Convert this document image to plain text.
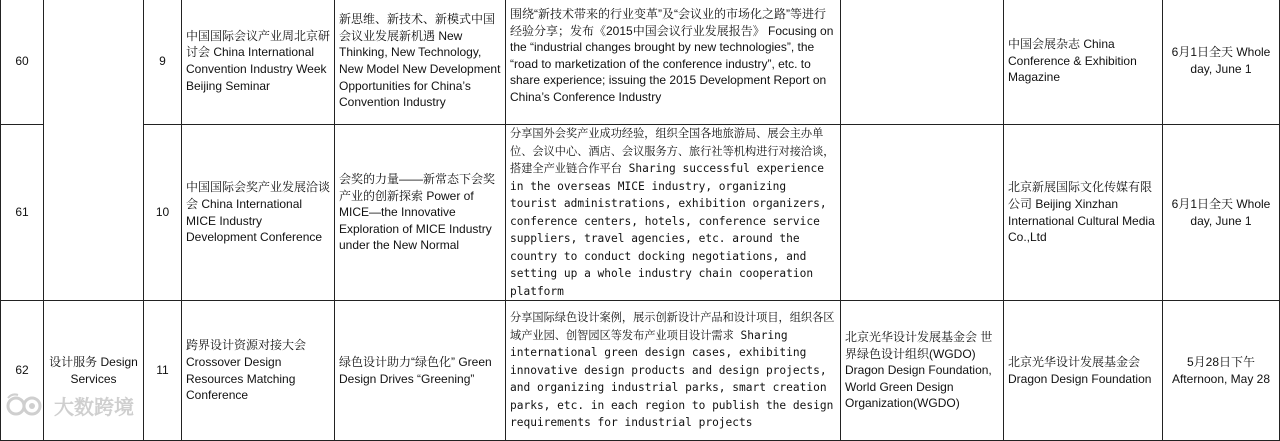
60		9	中国国际会议产业周北京研讨会 China International Convention Industry Week Beijing Seminar	新思维、新技术、新模式中国会议业发展新机遇 New Thinking, New Technology, New Model New Development Opportunities for China’s Convention Industry	围绕“新技术带来的行业变革”及“会议业的市场化之路”等进行经验分享；发布《2015中国会议行业发展报告》 Focusing on the “industrial changes brought by new technologies”, the “road to marketization of the conference industry”, etc. to share experience; issuing the 2015 Development Report on China’s Conference Industry		中国会展杂志 China Conference & Exhibition Magazine	6月1日全天 Whole day, June 1
61		10	中国国际会奖产业发展洽谈会 China International MICE Industry Development Conference	会奖的力量——新常态下会奖产业的创新探索 Power of MICE—the Innovative Exploration of MICE Industry under the New Normal	分享国外会奖产业成功经验，组织全国各地旅游局、展会主办单位、会议中心、酒店、会议服务方、旅行社等机构进行对接洽谈，搭建全产业链合作平台 Sharing successful experience in the overseas MICE industry, organizing tourist administrations, exhibition organizers, conference centers, hotels, conference service suppliers, travel agencies, etc. around the country to conduct docking negotiations, and setting up a whole industry chain cooperation platform		北京新展国际文化传媒有限公司 Beijing Xinzhan International Cultural Media Co.,Ltd	6月1日全天 Whole day, June 1
62	设计服务 Design Services	11	跨界设计资源对接大会 Crossover Design Resources Matching Conference	绿色设计助力“绿色化” Green Design Drives “Greening”	分享国际绿色设计案例，展示创新设计产品和设计项目，组织各区域产业园、创智园区等发布产业项目设计需求 Sharing international green design cases, exhibiting innovative design products and design projects, and organizing industrial parks, smart creation parks, etc. in each region to publish the design requirements for industrial projects	北京光华设计发展基金会 世界绿色设计组织(WGDO) Dragon Design Foundation, World Green Design Organization(WGDO)	北京光华设计发展基金会 Dragon Design Foundation	5月28日下午 Afternoon, May 28
大数跨境
